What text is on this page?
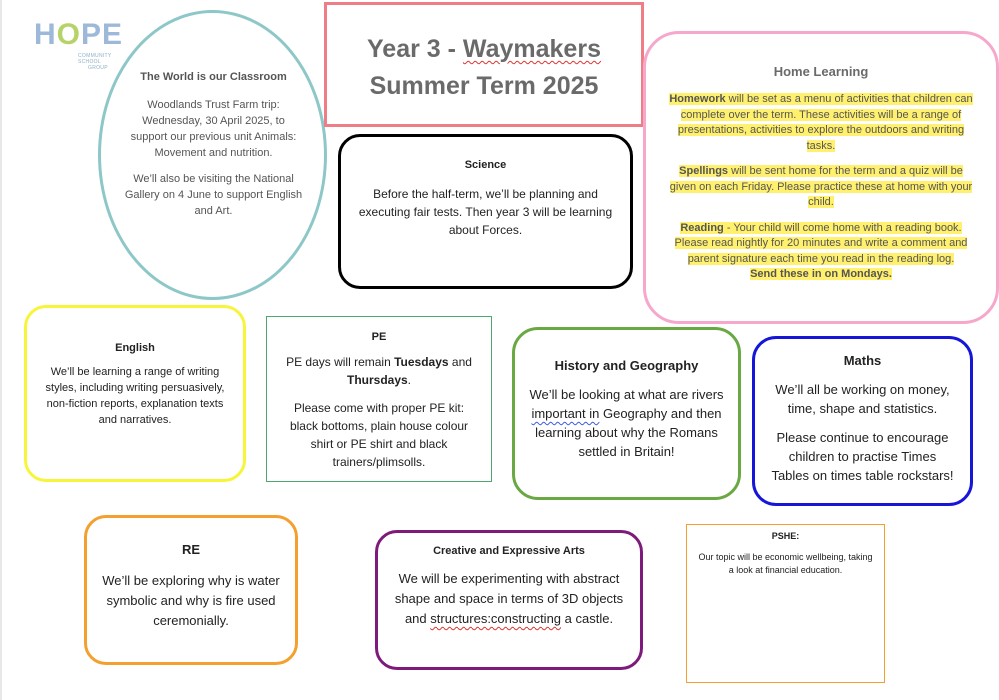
HOPE
COMMUNITY SCHOOL
GROUP

The World is our Classroom

Woodlands Trust Farm trip: Wednesday, 30 April 2025, to support our previous unit Animals: Movement and nutrition.

We’ll also be visiting the National Gallery on 4 June to support English and Art.

Year 3 - Waymakers
Summer Term 2025

Science

Before the half-term, we’ll be planning and executing fair tests. Then year 3 will be learning about Forces.

Home Learning

Homework will be set as a menu of activities that children can complete over the term. These activities will be a range of presentations, activities to explore the outdoors and writing tasks.

Spellings will be sent home for the term and a quiz will be given on each Friday. Please practice these at home with your child.

Reading - Your child will come home with a reading book. Please read nightly for 20 minutes and write a comment and parent signature each time you read in the reading log.
Send these in on Mondays.

English

We’ll be learning a range of writing styles, including writing persuasively, non-fiction reports, explanation texts and narratives.

PE

PE days will remain Tuesdays and Thursdays.

Please come with proper PE kit: black bottoms, plain house colour shirt or PE shirt and black trainers/plimsolls.

History and Geography

We’ll be looking at what are rivers important in Geography and then learning about why the Romans settled in Britain!

Maths

We’ll all be working on money, time, shape and statistics.

Please continue to encourage children to practise Times Tables on times table rockstars!

RE

We’ll be exploring why is water symbolic and why is fire used ceremonially.

Creative and Expressive Arts

We will be experimenting with abstract shape and space in terms of 3D objects and structures:constructing a castle.

PSHE:

Our topic will be economic wellbeing, taking a look at financial education.
